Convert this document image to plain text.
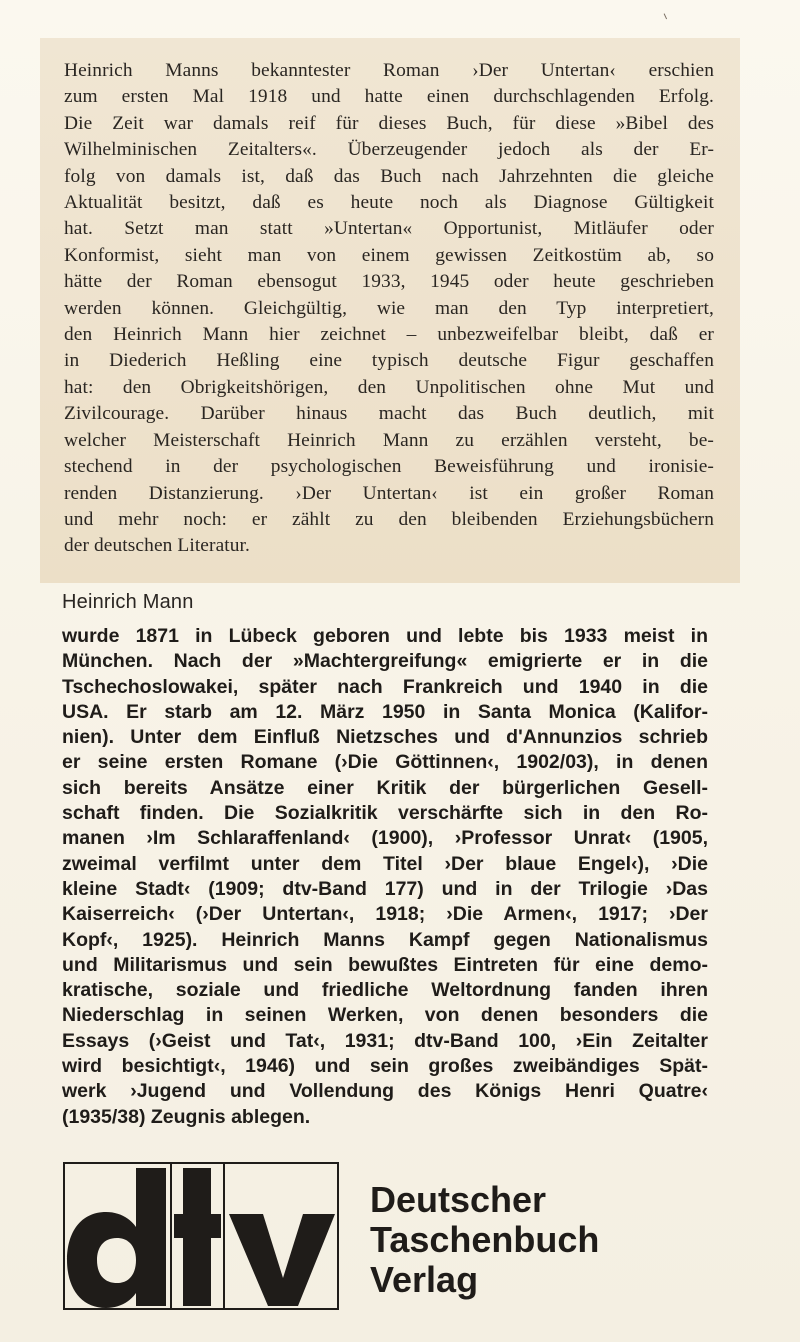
Heinrich Manns bekanntester Roman ›Der Untertan‹ erschien
zum ersten Mal 1918 und hatte einen durchschlagenden Erfolg.
Die Zeit war damals reif für dieses Buch, für diese »Bibel des
Wilhelminischen Zeitalters«. Überzeugender jedoch als der Er-
folg von damals ist, daß das Buch nach Jahrzehnten die gleiche
Aktualität besitzt, daß es heute noch als Diagnose Gültigkeit
hat. Setzt man statt »Untertan« Opportunist, Mitläufer oder
Konformist, sieht man von einem gewissen Zeitkostüm ab, so
hätte der Roman ebensogut 1933, 1945 oder heute geschrieben
werden können. Gleichgültig, wie man den Typ interpretiert,
den Heinrich Mann hier zeichnet – unbezweifelbar bleibt, daß er
in Diederich Heßling eine typisch deutsche Figur geschaffen
hat: den Obrigkeitshörigen, den Unpolitischen ohne Mut und
Zivilcourage. Darüber hinaus macht das Buch deutlich, mit
welcher Meisterschaft Heinrich Mann zu erzählen versteht, be-
stechend in der psychologischen Beweisführung und ironisie-
renden Distanzierung. ›Der Untertan‹ ist ein großer Roman
und mehr noch: er zählt zu den bleibenden Erziehungsbüchern
der deutschen Literatur.

Heinrich Mann

wurde 1871 in Lübeck geboren und lebte bis 1933 meist in
München. Nach der »Machtergreifung« emigrierte er in die
Tschechoslowakei, später nach Frankreich und 1940 in die
USA. Er starb am 12. März 1950 in Santa Monica (Kalifor-
nien). Unter dem Einfluß Nietzsches und d'Annunzios schrieb
er seine ersten Romane (›Die Göttinnen‹, 1902/03), in denen
sich bereits Ansätze einer Kritik der bürgerlichen Gesell-
schaft finden. Die Sozialkritik verschärfte sich in den Ro-
manen ›Im Schlaraffenland‹ (1900), ›Professor Unrat‹ (1905,
zweimal verfilmt unter dem Titel ›Der blaue Engel‹), ›Die
kleine Stadt‹ (1909; dtv-Band 177) und in der Trilogie ›Das
Kaiserreich‹ (›Der Untertan‹, 1918; ›Die Armen‹, 1917; ›Der
Kopf‹, 1925). Heinrich Manns Kampf gegen Nationalismus
und Militarismus und sein bewußtes Eintreten für eine demo-
kratische, soziale und friedliche Weltordnung fanden ihren
Niederschlag in seinen Werken, von denen besonders die
Essays (›Geist und Tat‹, 1931; dtv-Band 100, ›Ein Zeitalter
wird besichtigt‹, 1946) und sein großes zweibändiges Spät-
werk ›Jugend und Vollendung des Königs Henri Quatre‹
(1935/38) Zeugnis ablegen.

Deutscher
Taschenbuch
Verlag
